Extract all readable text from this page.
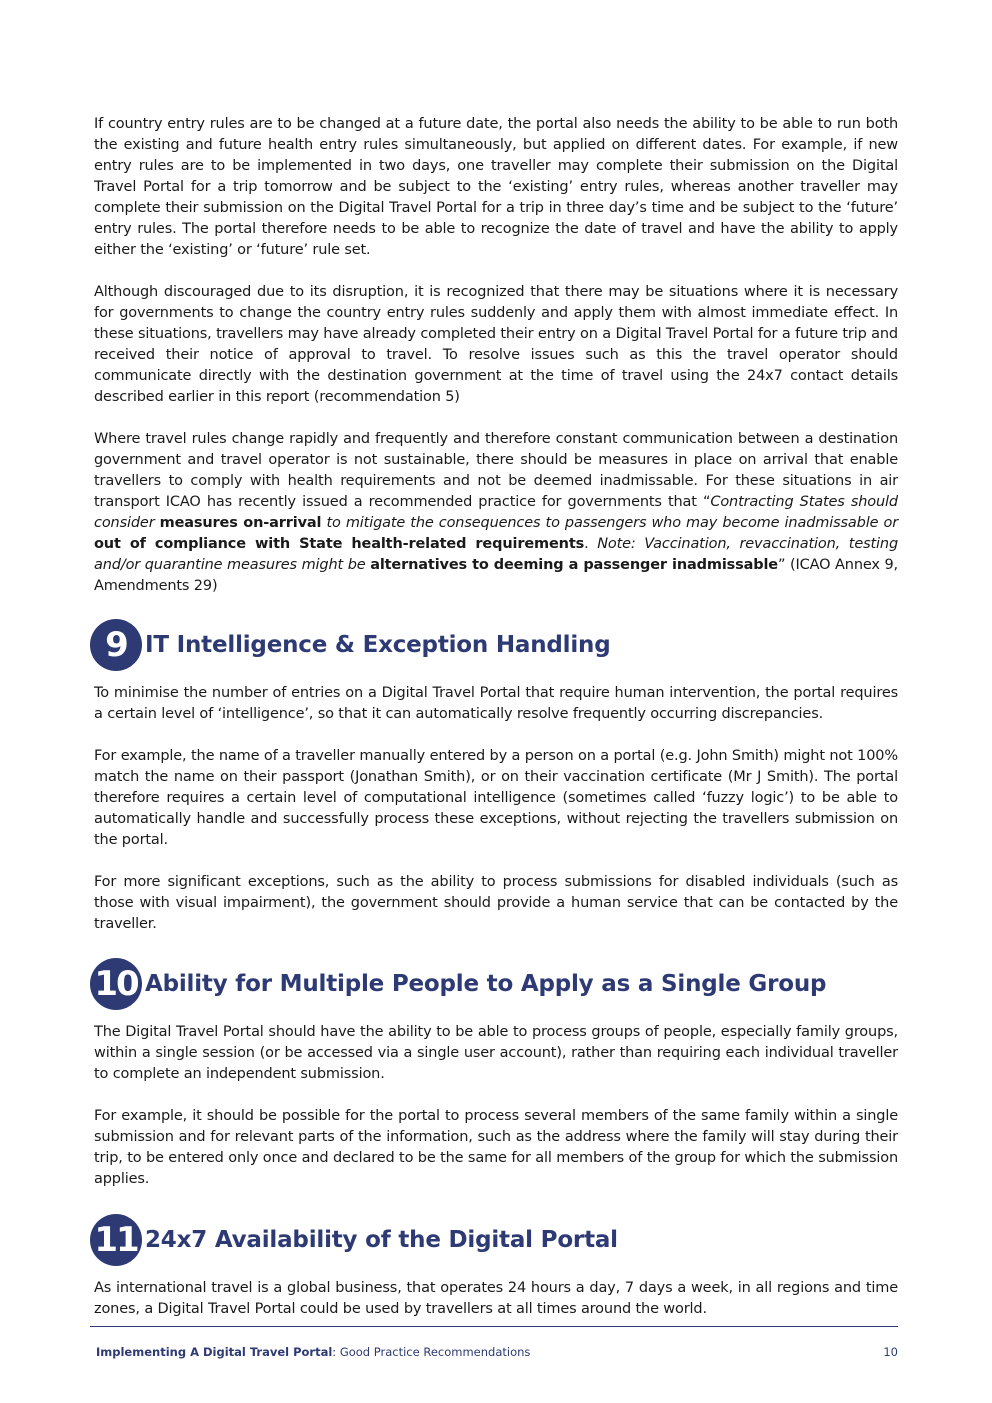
If country entry rules are to be changed at a future date, the portal also needs the ability to be able to run both the existing and future health entry rules simultaneously, but applied on different dates. For example, if new entry rules are to be implemented in two days, one traveller may complete their submission on the Digital Travel Portal for a trip tomorrow and be subject to the ‘existing’ entry rules, whereas another traveller may complete their submission on the Digital Travel Portal for a trip in three day’s time and be subject to the ‘future’ entry rules. The portal therefore needs to be able to recognize the date of travel and have the ability to apply either the ‘existing’ or ‘future’ rule set.

Although discouraged due to its disruption, it is recognized that there may be situations where it is necessary for governments to change the country entry rules suddenly and apply them with almost immediate effect. In these situations, travellers may have already completed their entry on a Digital Travel Portal for a future trip and received their notice of approval to travel. To resolve issues such as this the travel operator should communicate directly with the destination government at the time of travel using the 24x7 contact details described earlier in this report (recommendation 5)

Where travel rules change rapidly and frequently and therefore constant communication between a destination government and travel operator is not sustainable, there should be measures in place on arrival that enable travellers to comply with health requirements and not be deemed inadmissable. For these situations in air transport ICAO has recently issued a recommended practice for governments that “Contracting States should consider measures on-arrival to mitigate the consequences to passengers who may become inadmissable or out of compliance with State health-related requirements. Note: Vaccination, revaccination, testing and/or quarantine measures might be alternatives to deeming a passenger inadmissable” (ICAO Annex 9, Amendments 29)

9 IT Intelligence & Exception Handling

To minimise the number of entries on a Digital Travel Portal that require human intervention, the portal requires a certain level of ‘intelligence’, so that it can automatically resolve frequently occurring discrepancies.

For example, the name of a traveller manually entered by a person on a portal (e.g. John Smith) might not 100% match the name on their passport (Jonathan Smith), or on their vaccination certificate (Mr J Smith). The portal therefore requires a certain level of computational intelligence (sometimes called ‘fuzzy logic’) to be able to automatically handle and successfully process these exceptions, without rejecting the travellers submission on the portal.

For more significant exceptions, such as the ability to process submissions for disabled individuals (such as those with visual impairment), the government should provide a human service that can be contacted by the traveller.

10 Ability for Multiple People to Apply as a Single Group

The Digital Travel Portal should have the ability to be able to process groups of people, especially family groups, within a single session (or be accessed via a single user account), rather than requiring each individual traveller to complete an independent submission.

For example, it should be possible for the portal to process several members of the same family within a single submission and for relevant parts of the information, such as the address where the family will stay during their trip, to be entered only once and declared to be the same for all members of the group for which the submission applies.

11 24x7 Availability of the Digital Portal

As international travel is a global business, that operates 24 hours a day, 7 days a week, in all regions and time zones, a Digital Travel Portal could be used by travellers at all times around the world.

Implementing A Digital Travel Portal: Good Practice Recommendations	10
